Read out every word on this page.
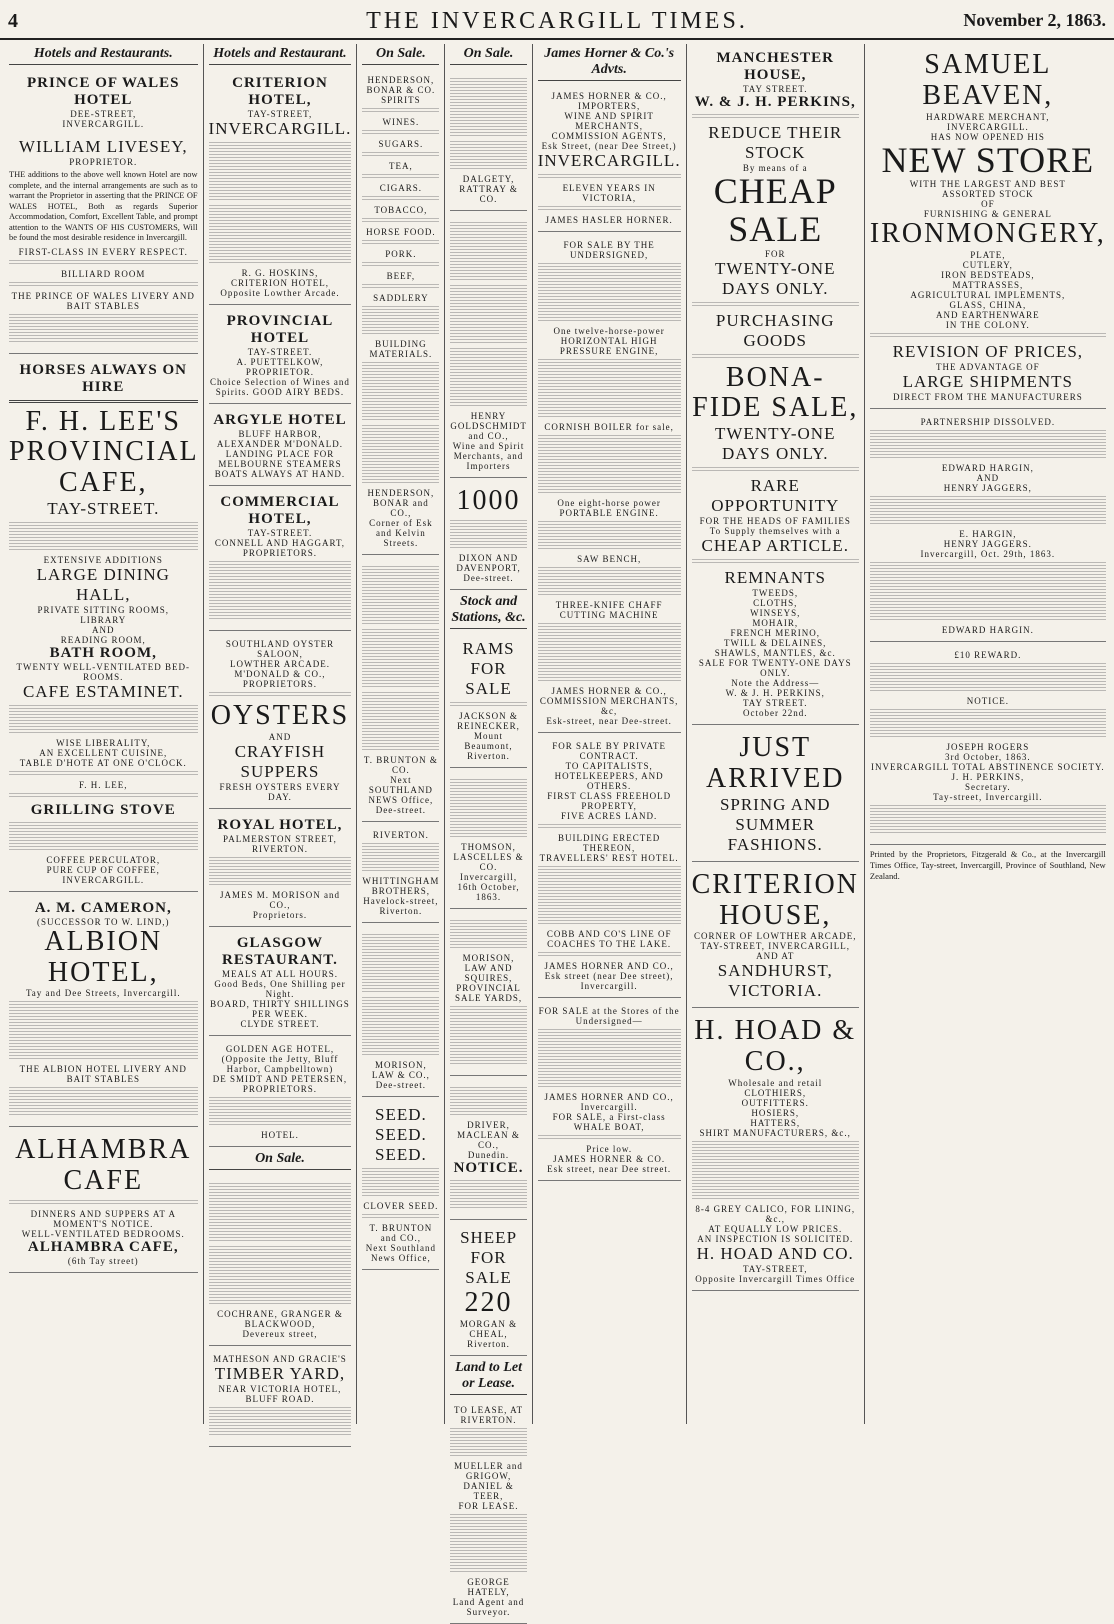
4	THE INVERCARGILL TIMES.	November 2, 1863.
Hotels and Restaurants.
PRINCE OF WALES HOTEL
DEE-STREET,
INVERCARGILL.
WILLIAM LIVESEY,
PROPRIETOR.
THE additions to the above well known Hotel are now complete, and the internal arrangements are such as to warrant the Proprietor in asserting that the PRINCE OF WALES HOTEL, Both as regards Superior Accommodation, Comfort, Excellent Table, and prompt attention to the WANTS OF HIS CUSTOMERS, Will be found the most desirable residence in Invercargill.
FIRST-CLASS IN EVERY RESPECT.
BILLIARD ROOM
THE PRINCE OF WALES LIVERY AND BAIT STABLES
HORSES ALWAYS ON HIRE
F. H. LEE'S
PROVINCIAL CAFE,
TAY-STREET.
EXTENSIVE ADDITIONS
LARGE DINING HALL,
PRIVATE SITTING ROOMS,
LIBRARY
AND
READING ROOM,
BATH ROOM,
TWENTY WELL-VENTILATED BED-ROOMS.
CAFE ESTAMINET.
WISE LIBERALITY,
AN EXCELLENT CUISINE,
TABLE D'HOTE AT ONE O'CLOCK.
F. H. LEE,
GRILLING STOVE
COFFEE PERCULATOR,
PURE CUP OF COFFEE,
INVERCARGILL.
A. M. CAMERON,
(SUCCESSOR TO W. LIND,)
ALBION HOTEL,
Tay and Dee Streets, Invercargill.
THE ALBION HOTEL LIVERY AND BAIT STABLES
ALHAMBRA CAFE
DINNERS AND SUPPERS AT A MOMENT'S NOTICE.
WELL-VENTILATED BEDROOMS.
ALHAMBRA CAFE,
(6th Tay street)
Hotels and Restaurant.
CRITERION HOTEL,
TAY-STREET,
INVERCARGILL.
R. G. HOSKINS,
CRITERION HOTEL,
Opposite Lowther Arcade.
PROVINCIAL HOTEL
TAY-STREET.
A. PUETTELKOW,
PROPRIETOR.
Choice Selection of Wines and Spirits. GOOD AIRY BEDS.
ARGYLE HOTEL
BLUFF HARBOR,
ALEXANDER M'DONALD.
LANDING PLACE FOR MELBOURNE STEAMERS
BOATS ALWAYS AT HAND.
COMMERCIAL HOTEL,
TAY-STREET.
CONNELL AND HAGGART,
PROPRIETORS.
SOUTHLAND OYSTER SALOON,
LOWTHER ARCADE.
M'DONALD & CO., PROPRIETORS.
OYSTERS
AND
CRAYFISH SUPPERS
FRESH OYSTERS EVERY DAY.
ROYAL HOTEL,
PALMERSTON STREET,
RIVERTON.
JAMES M. MORISON and CO.,
Proprietors.
GLASGOW RESTAURANT.
MEALS AT ALL HOURS.
Good Beds, One Shilling per Night.
BOARD, THIRTY SHILLINGS PER WEEK.
CLYDE STREET.
GOLDEN AGE HOTEL,
(Opposite the Jetty, Bluff Harbor, Campbelltown)
DE SMIDT AND PETERSEN,
PROPRIETORS.
HOTEL.
On Sale.
COCHRANE, GRANGER & BLACKWOOD,
Devereux street,
MATHESON AND GRACIE'S
TIMBER YARD,
NEAR VICTORIA HOTEL,
BLUFF ROAD.
On Sale.
HENDERSON, BONAR & CO.
SPIRITS
WINES.
SUGARS.
TEA,
CIGARS.
TOBACCO,
HORSE FOOD.
PORK.
BEEF,
SADDLERY
BUILDING MATERIALS.
HENDERSON, BONAR and CO.,
Corner of Esk and Kelvin Streets.
T. BRUNTON & CO.
Next SOUTHLAND NEWS Office,
Dee-street.
RIVERTON.
WHITTINGHAM BROTHERS,
Havelock-street,
Riverton.
MORISON, LAW & CO.,
Dee-street.
SEED. SEED. SEED.
CLOVER SEED.
T. BRUNTON and CO.,
Next Southland News Office,
On Sale.
DALGETY, RATTRAY & CO.
HENRY GOLDSCHMIDT and CO.,
Wine and Spirit Merchants, and Importers
1000
DIXON AND DAVENPORT,
Dee-street.
Stock and Stations, &c.
RAMS FOR SALE
JACKSON & REINECKER,
Mount Beaumont,
Riverton.
THOMSON, LASCELLES & CO.
Invercargill, 16th October, 1863.
MORISON, LAW AND SQUIRES,
PROVINCIAL SALE YARDS,
DRIVER, MACLEAN & CO.,
Dunedin.
NOTICE.
SHEEP FOR SALE
220
MORGAN & CHEAL,
Riverton.
Land to Let or Lease.
TO LEASE, AT RIVERTON.
MUELLER and GRIGOW,
DANIEL & TEER,
FOR LEASE.
GEORGE HATELY,
Land Agent and Surveyor.
James Horner & Co.'s Advts.
JAMES HORNER & CO.,
IMPORTERS,
WINE AND SPIRIT MERCHANTS,
COMMISSION AGENTS,
Esk Street, (near Dee Street,)
INVERCARGILL.
ELEVEN YEARS IN VICTORIA,
JAMES HASLER HORNER.
FOR SALE BY THE UNDERSIGNED,
One twelve-horse-power HORIZONTAL HIGH PRESSURE ENGINE,
CORNISH BOILER for sale,
One eight-horse power PORTABLE ENGINE.
SAW BENCH,
THREE-KNIFE CHAFF CUTTING MACHINE
JAMES HORNER & CO.,
COMMISSION MERCHANTS, &c,
Esk-street, near Dee-street.
FOR SALE BY PRIVATE CONTRACT.
TO CAPITALISTS, HOTELKEEPERS, AND OTHERS.
FIRST CLASS FREEHOLD PROPERTY,
FIVE ACRES LAND.
BUILDING ERECTED THEREON,
TRAVELLERS' REST HOTEL.
COBB AND CO'S LINE OF COACHES TO THE LAKE.
JAMES HORNER AND CO.,
Esk street (near Dee street),
Invercargill.
FOR SALE at the Stores of the Undersigned—
JAMES HORNER AND CO.,
Invercargill.
FOR SALE, a First-class WHALE BOAT,
Price low.
JAMES HORNER & CO.
Esk street, near Dee street.
MANCHESTER HOUSE,
TAY STREET.
W. & J. H. PERKINS,
REDUCE THEIR STOCK
By means of a
CHEAP SALE
FOR
TWENTY-ONE DAYS ONLY.
PURCHASING GOODS
BONA-FIDE SALE,
TWENTY-ONE DAYS ONLY.
RARE OPPORTUNITY
FOR THE HEADS OF FAMILIES
To Supply themselves with a
CHEAP ARTICLE.
REMNANTS
TWEEDS,
CLOTHS,
WINSEYS,
MOHAIR,
FRENCH MERINO,
TWILL & DELAINES,
SHAWLS, MANTLES, &c.
SALE FOR TWENTY-ONE DAYS ONLY.
Note the Address—
W. & J. H. PERKINS,
TAY STREET.
October 22nd.
JUST ARRIVED
SPRING AND SUMMER
FASHIONS.
CRITERION HOUSE,
CORNER OF LOWTHER ARCADE,
TAY-STREET, INVERCARGILL,
AND AT
SANDHURST, VICTORIA.
H. HOAD & CO.,
Wholesale and retail
CLOTHIERS,
OUTFITTERS.
HOSIERS,
HATTERS,
SHIRT MANUFACTURERS, &c.,
8-4 GREY CALICO, FOR LINING, &c.,
AT EQUALLY LOW PRICES.
AN INSPECTION IS SOLICITED.
H. HOAD AND CO.
TAY-STREET,
Opposite Invercargill Times Office
SAMUEL BEAVEN,
HARDWARE MERCHANT,
INVERCARGILL.
HAS NOW OPENED HIS
NEW STORE
WITH THE LARGEST AND BEST
ASSORTED STOCK
OF
FURNISHING & GENERAL
IRONMONGERY,
PLATE,
CUTLERY,
IRON BEDSTEADS,
MATTRASSES,
AGRICULTURAL IMPLEMENTS,
GLASS, CHINA,
AND EARTHENWARE
IN THE COLONY.
REVISION OF PRICES,
THE ADVANTAGE OF
LARGE SHIPMENTS
DIRECT FROM THE MANUFACTURERS
PARTNERSHIP DISSOLVED.
EDWARD HARGIN,
AND
HENRY JAGGERS,
E. HARGIN,
HENRY JAGGERS.
Invercargill, Oct. 29th, 1863.
EDWARD HARGIN.
£10 REWARD.
NOTICE.
JOSEPH ROGERS
3rd October, 1863.
INVERCARGILL TOTAL ABSTINENCE SOCIETY.
J. H. PERKINS,
Secretary.
Tay-street, Invercargill.
Printed by the Proprietors, Fitzgerald & Co., at the Invercargill Times Office, Tay-street, Invercargill, Province of Southland, New Zealand.
